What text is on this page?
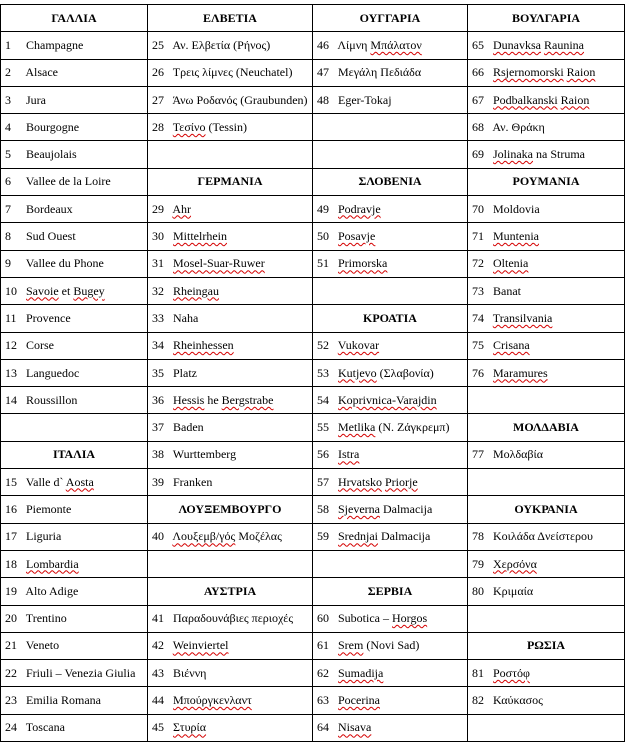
ΓΑΛΛΙΑ	ΕΛΒΕΤΙΑ	ΟΥΓΓΑΡΙΑ	ΒΟΥΛΓΑΡΙΑ
1 Champagne	25 Αν. Ελβετία (Ρήνος)	46 Λίμνη Μπάλατον	65 Dunavksa Raunina
2 Alsace	26 Τρεις λίμνες (Neuchatel)	47 Μεγάλη Πεδιάδα	66 Rsjernomorski Raion
3 Jura	27 Άνω Ροδανός (Graubunden)	48 Eger-Tokaj	67 Podbalkanski Raion
4 Bourgogne	28 Τεσίνο (Tessin)		68 Αν. Θράκη
5 Beaujolais			69 Jolinaka na Struma
6 Vallee de la Loire	ΓΕΡΜΑΝΙΑ	ΣΛΟΒΕΝΙΑ	ΡΟΥΜΑΝΙΑ
7 Bordeaux	29 Ahr	49 Podravje	70 Moldovia
8 Sud Ouest	30 Mittelrhein	50 Posavje	71 Muntenia
9 Vallee du Phone	31 Mosel-Suar-Ruwer	51 Primorska	72 Oltenia
10 Savoie et Bugey	32 Rheingau		73 Banat
11 Provence	33 Naha	ΚΡΟΑΤΙΑ	74 Transilvania
12 Corse	34 Rheinhessen	52 Vukovar	75 Crisana
13 Languedoc	35 Platz	53 Kutjevo (Σλαβονία)	76 Maramures
14 Roussillon	36 Hessis he Bergstrabe	54 Koprivnica-Varajdin	
	37 Baden	55 Metlika (Ν. Ζάγκρεμπ)	ΜΟΛΔΑΒΙΑ
ΙΤΑΛΙΑ	38 Wurttemberg	56 Istra	77 Μολδαβία
15 Valle d` Aosta	39 Franken	57 Hrvatsko Priorje	
16 Piemonte	ΛΟΥΞΕΜΒΟΥΡΓΟ	58 Sjeverna Dalmacija	ΟΥΚΡΑΝΙΑ
17 Liguria	40 Λουξεμβ/γός Μοζέλας	59 Srednjai Dalmacija	78 Κοιλάδα Δνείστερου
18 Lombardia			79 Χερσόνα
19 Alto Adige	ΑΥΣΤΡΙΑ	ΣΕΡΒΙΑ	80 Κριμαία
20 Trentino	41 Παραδουνάβιες περιοχές	60 Subotica – Horgos	
21 Veneto	42 Weinviertel	61 Srem (Novi Sad)	ΡΩΣΙΑ
22 Friuli – Venezia Giulia	43 Βιέννη	62 Sumadija	81 Ροστόφ
23 Emilia Romana	44 Μπούργκενλαντ	63 Pocerina	82 Καύκασος
24 Toscana	45 Στυρία	64 Nisava	
